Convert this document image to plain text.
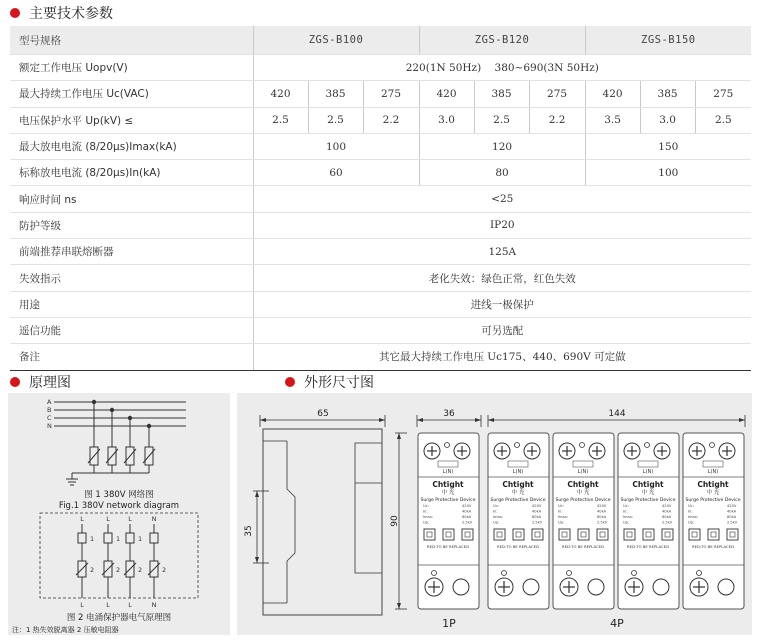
主要技术参数
原理图	外形尺寸图
型号规格	ZGS-B100			ZGS-B120			ZGS-B150		
额定工作电压 Uopv(V)	220(1N 50Hz)    380~690(3N 50Hz)								
最大持续工作电压 Uc(VAC)	420	385	275	420	385	275	420	385	275
电压保护水平 Up(kV) ≤	2.5	2.5	2.2	3.0	2.5	2.2	3.5	3.0	2.5
最大放电电流 (8/20μs)Imax(kA)	100			120			150		
标称放电电流 (8/20μs)In(kA)	60			80			100		
响应时间 ns	<25								
防护等级	IP20								
前端推荐串联熔断器	125A								
失效指示	老化失效：绿色正常，红色失效								
用途	进线一极保护								
遥信功能	可另选配								
备注	其它最大持续工作电压 Uc175、440、690V 可定做								
A
B
C
N
图 1 380V 网络图
Fig.1 380V network diagram
L	L	L	N
L	L	L	N
1	1	1
2	2	2	2
图 2 电涌保护器电气原理图
注：1 热失效脱离器 2 压敏电阻器
65	36	144
35
90
1P	4P
L(N)
Chtight
中 光
Surge Protective Device
Uc:	420V
In:	40kA
Imax:	80kA
Up:	2.5kV
RED:TO BE REPLACED
L(N)
Chtight
中 光
Surge Protective Device
Uc:	420V
In:	40kA
Imax:	80kA
Up:	2.5kV
RED:TO BE REPLACED
L(N)
Chtight
中 光
Surge Protective Device
Uc:	420V
In:	40kA
Imax:	80kA
Up:	2.5kV
RED:TO BE REPLACED
L(N)
Chtight
中 光
Surge Protective Device
Uc:	420V
In:	40kA
Imax:	80kA
Up:	2.5kV
RED:TO BE REPLACED
L(N)
Chtight
中 光
Surge Protective Device
Uc:	420V
In:	40kA
Imax:	80kA
Up:	2.5kV
RED:TO BE REPLACED
